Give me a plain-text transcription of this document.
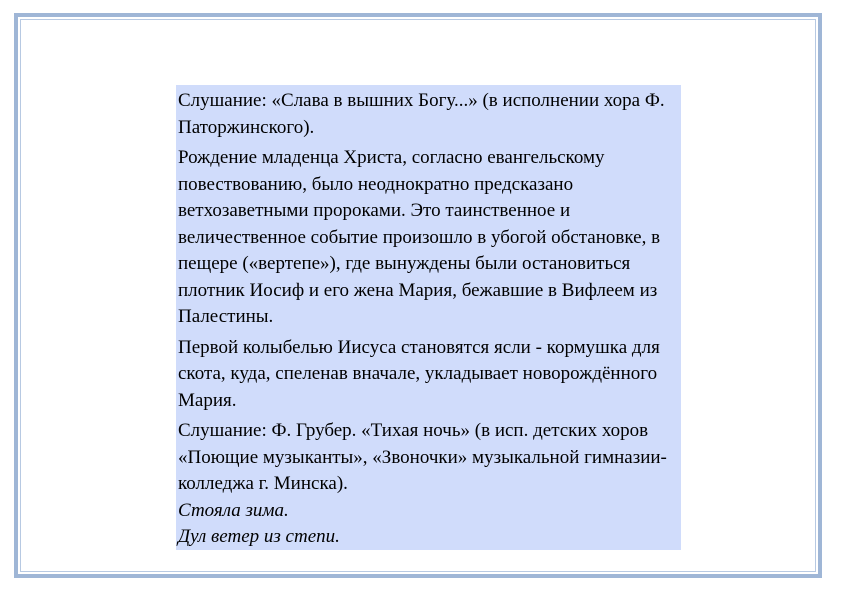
Слушание: «Слава в вышних Богу...» (в исполнении хора Ф. Паторжинского).

Рождение младенца Христа, согласно евангельскому повествованию, было неоднократно предсказано ветхозаветными пророками. Это таинственное и величественное событие произошло в убогой обстановке, в пещере («вертепе»), где вынуждены были остановиться плотник Иосиф и его жена Мария, бежавшие в Вифлеем из Палестины.

Первой колыбелью Иисуса становятся ясли - кормушка для скота, куда, спеленав вначале, укладывает новорождённого Мария.

Слушание: Ф. Грубер. «Тихая ночь» (в исп. детских хоров «Поющие музыканты», «Звоночки» музыкальной гимназии-колледжа г. Минска).

Стояла зима.

Дул ветер из степи.
